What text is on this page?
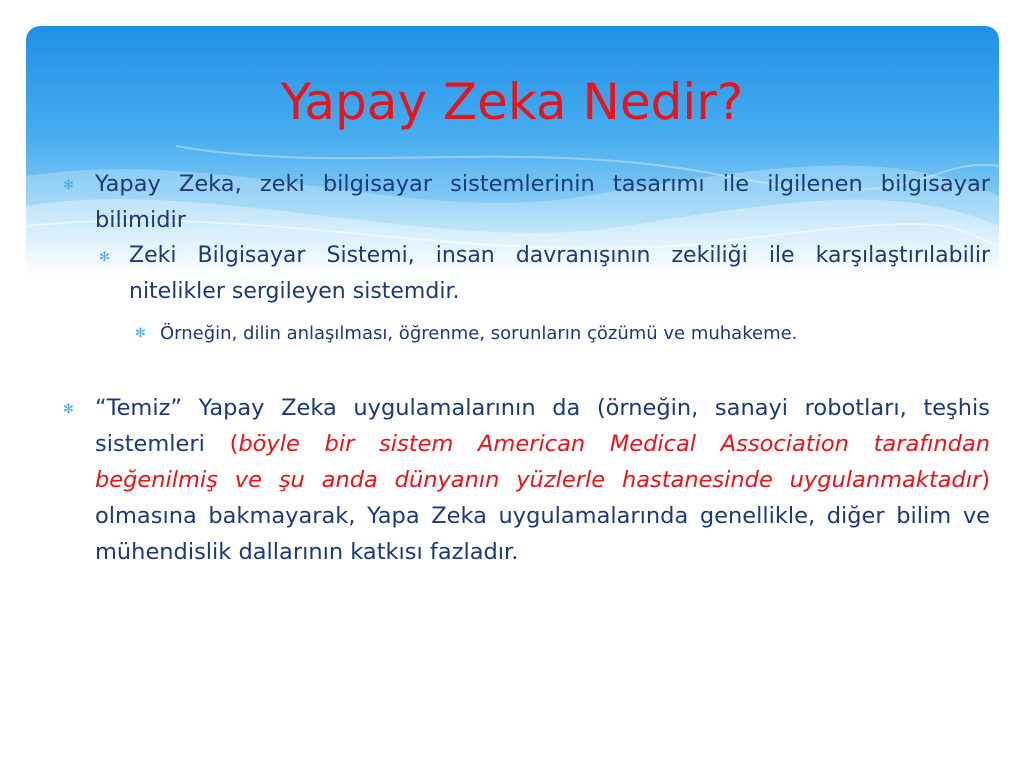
Yapay Zeka Nedir?

✻ Yapay Zeka, zeki bilgisayar sistemlerinin tasarımı ile ilgilenen bilgisayar bilimidir

✻ Zeki Bilgisayar Sistemi, insan davranışının zekiliği ile karşılaştırılabilir nitelikler sergileyen sistemdir.

✻ Örneğin, dilin anlaşılması, öğrenme, sorunların çözümü ve muhakeme.

✻ “Temiz” Yapay Zeka uygulamalarının da (örneğin, sanayi robotları, teşhis sistemleri (böyle bir sistem American Medical Association tarafından beğenilmiş ve şu anda dünyanın yüzlerle hastanesinde uygulanmaktadır) olmasına bakmayarak, Yapa Zeka uygulamalarında genellikle, diğer bilim ve mühendislik dallarının katkısı fazladır.
